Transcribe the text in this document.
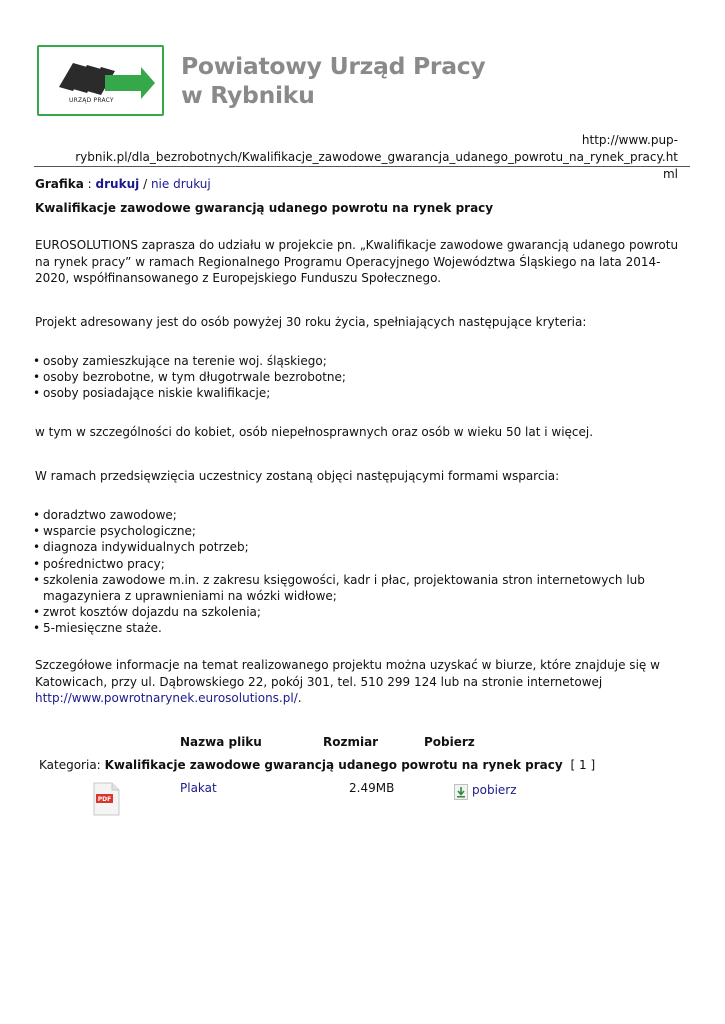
URZĄD PRACY
Powiatowy Urząd Pracy
w Rybniku
http://www.pup-rybnik.pl/dla_bezrobotnych/Kwalifikacje_zawodowe_gwarancja_udanego_powrotu_na_rynek_pracy.ht
ml
Grafika : drukuj / nie drukuj
Kwalifikacje zawodowe gwarancją udanego powrotu na rynek pracy
EUROSOLUTIONS zaprasza do udziału w projekcie pn. „Kwalifikacje zawodowe gwarancją udanego powrotu na rynek pracy” w ramach Regionalnego Programu Operacyjnego Województwa Śląskiego na lata 2014-2020, współfinansowanego z Europejskiego Funduszu Społecznego.
Projekt adresowany jest do osób powyżej 30 roku życia, spełniających następujące kryteria:
• osoby zamieszkujące na terenie woj. śląskiego;
• osoby bezrobotne, w tym długotrwale bezrobotne;
• osoby posiadające niskie kwalifikacje;
w tym w szczególności do kobiet, osób niepełnosprawnych oraz osób w wieku 50 lat i więcej.
W ramach przedsięwzięcia uczestnicy zostaną objęci następującymi formami wsparcia:
• doradztwo zawodowe;
• wsparcie psychologiczne;
• diagnoza indywidualnych potrzeb;
• pośrednictwo pracy;
• szkolenia zawodowe m.in. z zakresu księgowości, kadr i płac, projektowania stron internetowych lub magazyniera z uprawnieniami na wózki widłowe;
• zwrot kosztów dojazdu na szkolenia;
• 5-miesięczne staże.
Szczegółowe informacje na temat realizowanego projektu można uzyskać w biurze, które znajduje się w Katowicach, przy ul. Dąbrowskiego 22, pokój 301, tel. 510 299 124 lub na stronie internetowej http://www.powrotnarynek.eurosolutions.pl/.
Nazwa pliku	Rozmiar	Pobierz
Kategoria: Kwalifikacje zawodowe gwarancją udanego powrotu na rynek pracy [ 1 ]
PDF
Plakat	2.49MB	pobierz
